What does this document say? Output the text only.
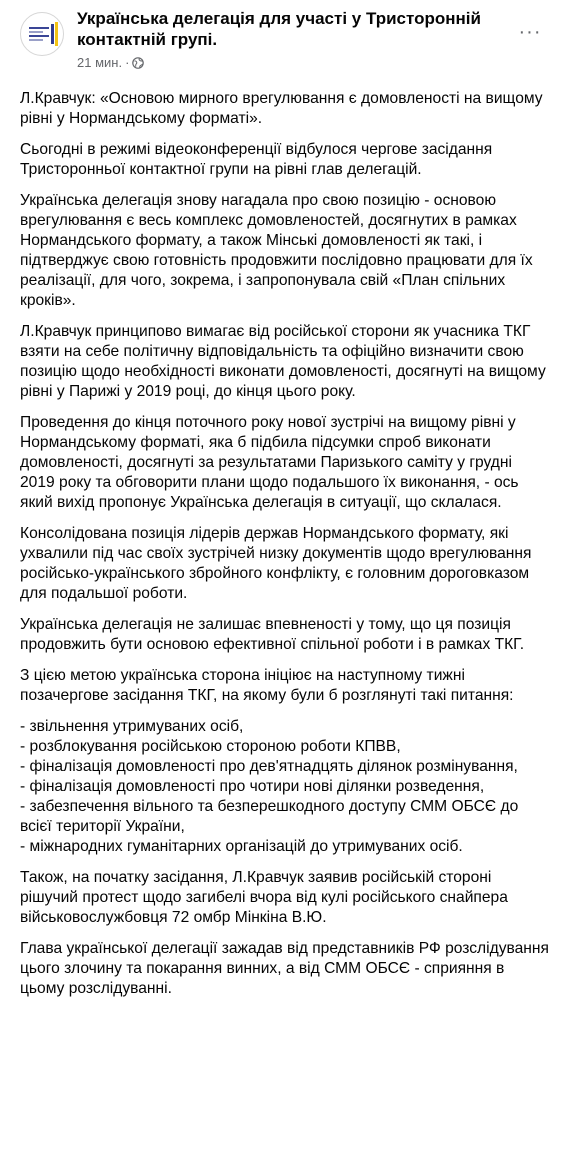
Українська делегація для участі у Тристоронній контактній групі.
21 мин. ·
···

Л.Кравчук: «Основою мирного врегулювання є домовленості на вищому рівні у Нормандському форматі».

Сьогодні в режимі відеоконференції відбулося чергове засідання Тристоронньої контактної групи на рівні глав делегацій.

Українська делегація знову нагадала про свою позицію - основою врегулювання є весь комплекс домовленостей, досягнутих в рамках Нормандського формату, а також Мінські домовленості як такі, і підтверджує свою готовність продовжити послідовно працювати для їх реалізації, для чого, зокрема, і запропонувала свій «План спільних кроків».

Л.Кравчук принципово вимагає від російської сторони як учасника ТКГ взяти на себе політичну відповідальність та офіційно визначити свою позицію щодо необхідності виконати домовленості, досягнуті на вищому рівні у Парижі у 2019 році, до кінця цього року.

Проведення до кінця поточного року нової зустрічі на вищому рівні у Нормандському форматі, яка б підбила підсумки спроб виконати домовленості, досягнуті за результатами Паризького саміту у грудні 2019 року та обговорити плани щодо подальшого їх виконання, - ось який вихід пропонує Українська делегація в ситуації, що склалася.

Консолідована позиція лідерів держав Нормандського формату, які ухвалили під час своїх зустрічей низку документів щодо врегулювання російсько-українського збройного конфлікту, є головним дороговказом для подальшої роботи.

Українська делегація не залишає впевненості у тому, що ця позиція продовжить бути основою ефективної спільної роботи і в рамках ТКГ.

З цією метою українська сторона ініціює на наступному тижні позачергове засідання ТКГ, на якому були б розглянуті такі питання:

- звільнення утримуваних осіб,
- розблокування російською стороною роботи КПВВ,
- фіналізація домовленості про дев'ятнадцять ділянок розмінування,
- фіналізація домовленості про чотири нові ділянки розведення,
- забезпечення вільного та безперешкодного доступу СММ ОБСЄ до всієї території України,
- міжнародних гуманітарних організацій до утримуваних осіб.

Також, на початку засідання, Л.Кравчук заявив російській стороні рішучий протест щодо загибелі вчора від кулі російського снайпера військовослужбовця 72 омбр Мінкіна В.Ю.

Глава української делегації зажадав від представників РФ розслідування цього злочину та покарання винних, а від СММ ОБСЄ - сприяння в цьому розслідуванні.
